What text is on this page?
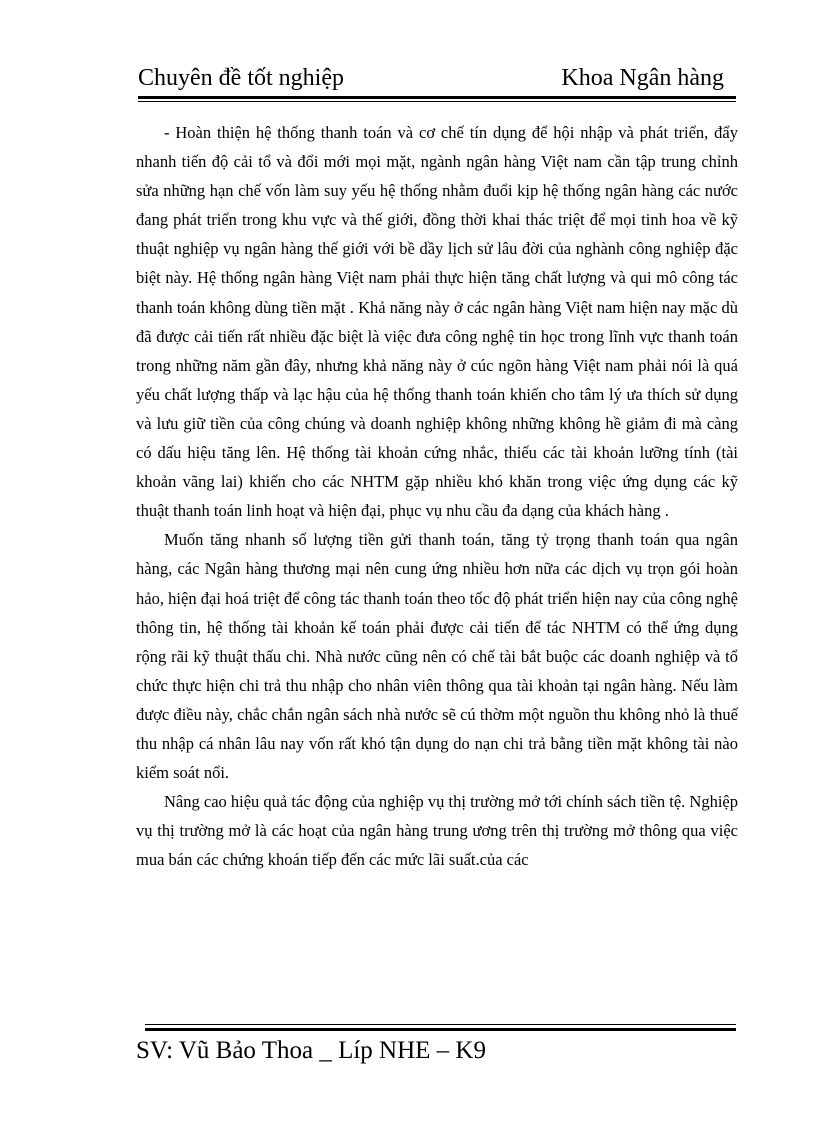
Chuyên đề tốt nghiệp	Khoa Ngân hàng

- Hoàn thiện hệ thống thanh toán và cơ chế tín dụng để hội nhập và phát triển, đẩy nhanh tiến độ cải tổ và đổi mới mọi mặt, ngành ngân hàng Việt nam cần tập trung chỉnh sửa những hạn chế vốn làm suy yếu hệ thống nhằm đuổi kịp hệ thống ngân hàng các nước đang phát triển trong khu vực và thế giới, đồng thời khai thác triệt để mọi tinh hoa về kỹ thuật nghiệp vụ ngân hàng thế giới với bề dầy lịch sử lâu đời của nghành công nghiệp đặc biệt này. Hệ thống ngân hàng Việt nam phải thực hiện tăng chất lượng và qui mô công tác thanh toán không dùng tiền mặt . Khả năng này ở các ngân hàng Việt nam hiện nay mặc dù đã được cải tiến rất nhiều đặc biệt là việc đưa công nghệ tin học trong lĩnh vực thanh toán trong những năm gần đây, nhưng khả năng này ở cúc ngõn hàng Việt nam phải nói là quá yếu chất lượng thấp và lạc hậu của hệ thống thanh toán khiến cho tâm lý ưa thích sử dụng và lưu giữ tiền của công chúng và doanh nghiệp không những không hề giảm đi mà càng có dấu hiệu tăng lên. Hệ thống tài khoản cứng nhắc, thiếu các tài khoản lưỡng tính (tài khoản vãng lai) khiến cho các NHTM gặp nhiều khó khăn trong việc ứng dụng các kỹ thuật thanh toán linh hoạt và hiện đại, phục vụ nhu cầu đa dạng của khách hàng .

Muốn tăng nhanh số lượng tiền gửi thanh toán, tăng tỷ trọng thanh toán qua ngân hàng, các Ngân hàng thương mại nên cung ứng nhiều hơn nữa các dịch vụ trọn gói hoàn hảo, hiện đại hoá triệt để công tác thanh toán theo tốc độ phát triển hiện nay của công nghệ thông tin, hệ thống tài khoản kế toán phải được cải tiến để tác NHTM có thể ứng dụng rộng rãi kỹ thuật thấu chi. Nhà nước cũng nên có chế tài bắt buộc các doanh nghiệp và tổ chức thực hiện chi trả thu nhập cho nhân viên thông qua tài khoản tại ngân hàng. Nếu làm được điều này, chắc chắn ngân sách nhà nước sẽ cú thờm một nguồn thu không nhỏ là thuế thu nhập cá nhân lâu nay vốn rất khó tận dụng do nạn chi trả bằng tiền mặt không tài nào kiểm soát nổi.

Nâng cao hiệu quả tác động của nghiệp vụ thị trường mở tới chính sách tiền tệ. Nghiệp vụ thị trường mở là các hoạt của ngân hàng trung ương trên thị trường mở thông qua việc mua bán các chứng khoán tiếp đến các mức lãi suất.của các

SV: Vũ Bảo Thoa _ Líp NHE – K9
